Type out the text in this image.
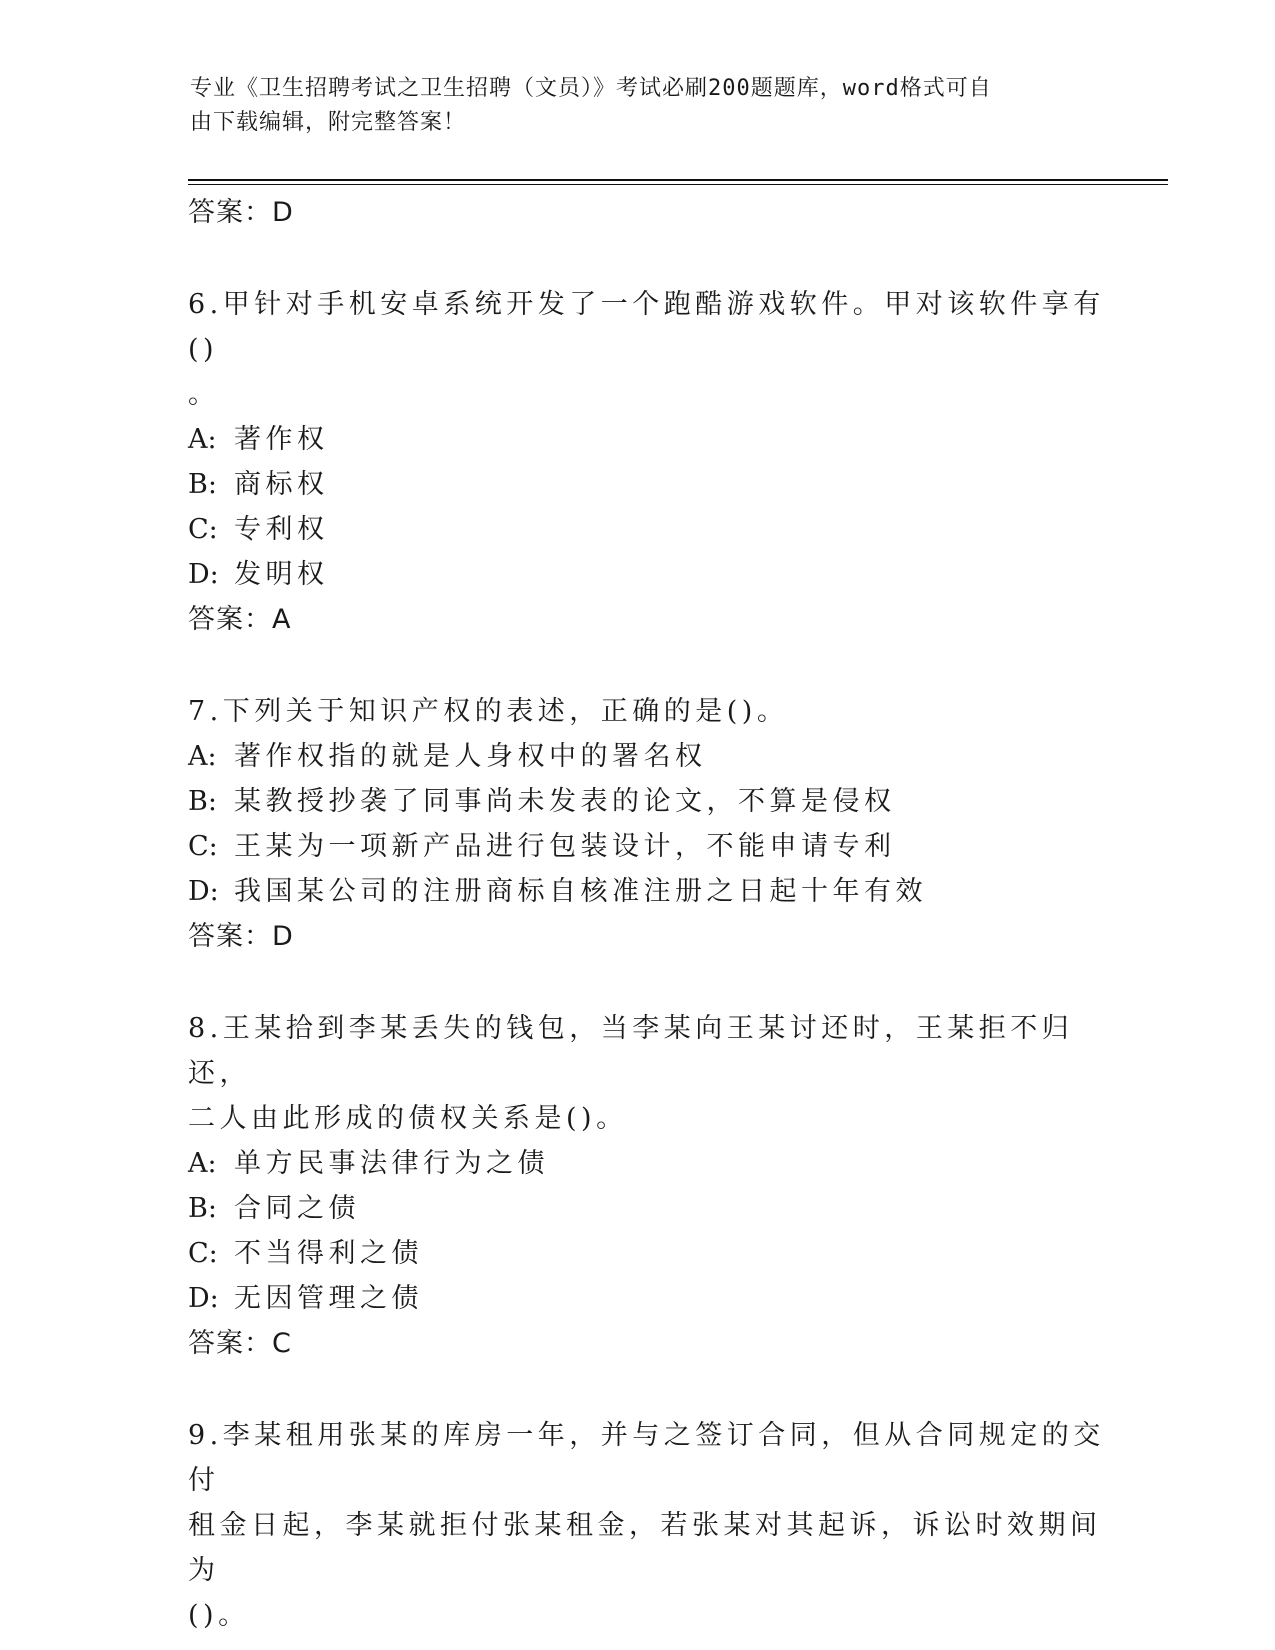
专业《卫生招聘考试之卫生招聘（文员）》考试必刷200题题库，word格式可自
由下载编辑，附完整答案！
答案：D
6.甲针对手机安卓系统开发了一个跑酷游戏软件。甲对该软件享有()
。
A: 著作权
B: 商标权
C: 专利权
D: 发明权
答案：A
7.下列关于知识产权的表述，正确的是()。
A: 著作权指的就是人身权中的署名权
B: 某教授抄袭了同事尚未发表的论文，不算是侵权
C: 王某为一项新产品进行包装设计，不能申请专利
D: 我国某公司的注册商标自核准注册之日起十年有效
答案：D
8.王某拾到李某丢失的钱包，当李某向王某讨还时，王某拒不归还，
二人由此形成的债权关系是()。
A: 单方民事法律行为之债
B: 合同之债
C: 不当得利之债
D: 无因管理之债
答案：C
9.李某租用张某的库房一年，并与之签订合同，但从合同规定的交付
租金日起，李某就拒付张某租金，若张某对其起诉，诉讼时效期间为
()。
